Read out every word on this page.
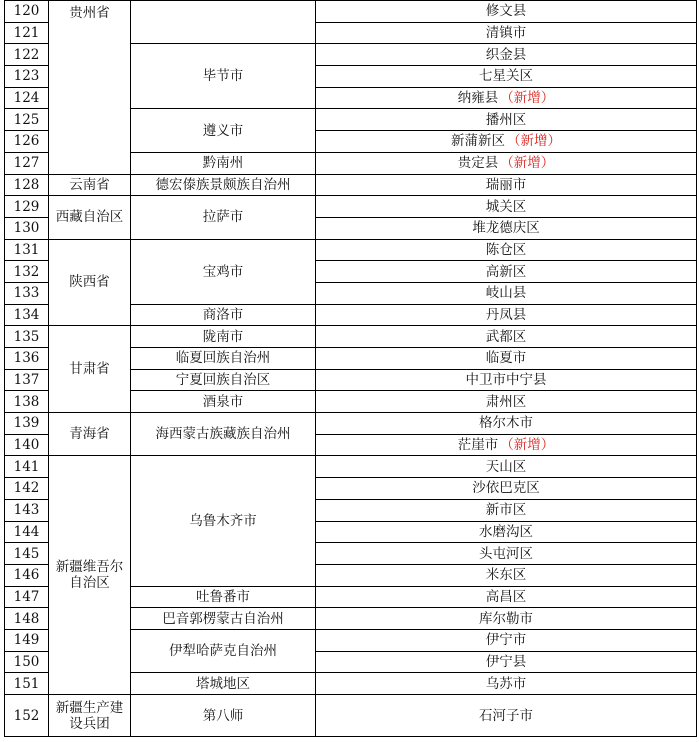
120	贵州省		修文县
121			清镇市
122		毕节市	织金县
123			七星关区
124			纳雍县 （新增）
125		遵义市	播州区
126			新蒲新区 （新增）
127		黔南州	贵定县 （新增）
128	云南省	德宏傣族景颇族自治州	瑞丽市
129	西藏自治区	拉萨市	城关区
130			堆龙德庆区
131	陕西省	宝鸡市	陈仓区
132			高新区
133			岐山县
134		商洛市	丹凤县
135	甘肃省	陇南市	武都区
136		临夏回族自治州	临夏市
137		宁夏回族自治区	中卫市中宁县
138		酒泉市	肃州区
139	青海省	海西蒙古族藏族自治州	格尔木市
140			茫崖市 （新增）
141	新疆维吾尔自治区	乌鲁木齐市	天山区
142			沙依巴克区
143			新市区
144			水磨沟区
145			头屯河区
146			米东区
147		吐鲁番市	高昌区
148		巴音郭楞蒙古自治州	库尔勒市
149		伊犁哈萨克自治州	伊宁市
150			伊宁县
151		塔城地区	乌苏市
152	新疆生产建设兵团	第八师	石河子市
